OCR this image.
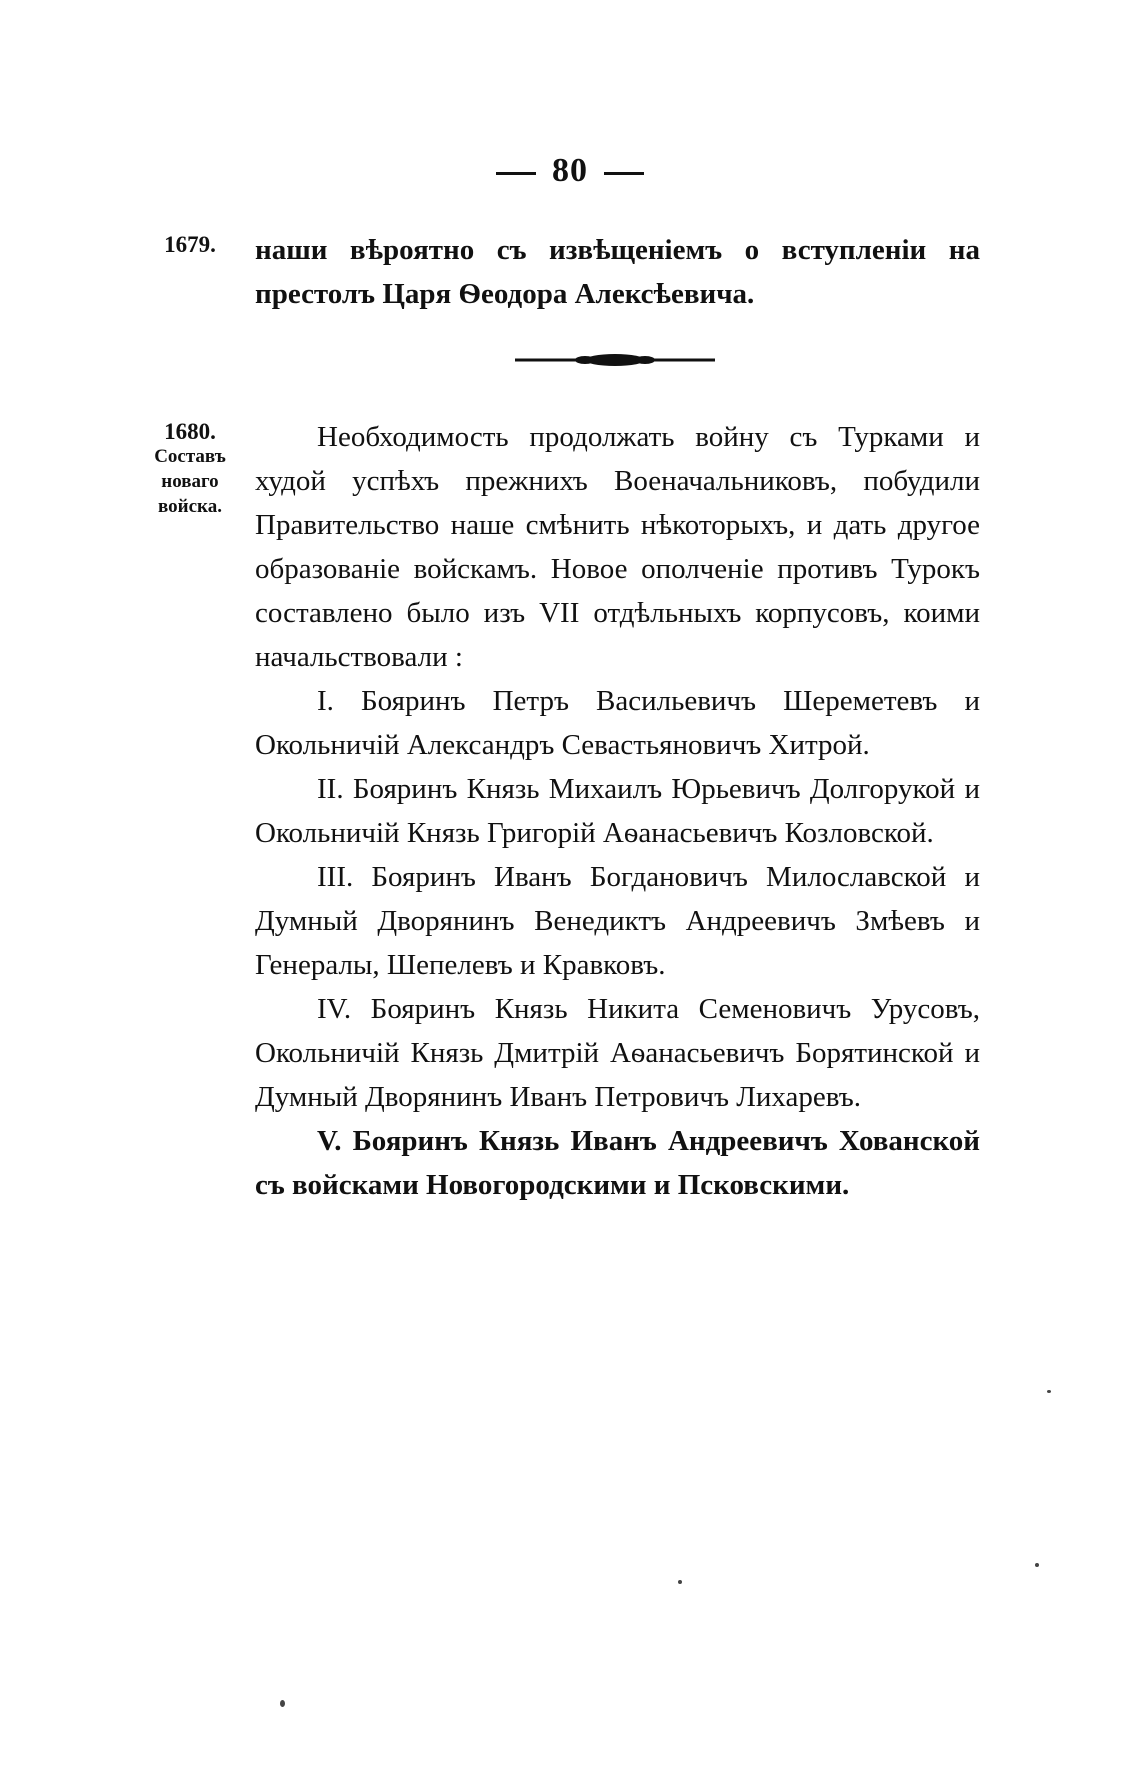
80
1679.	наши вѣроятно съ извѣщеніемъ о вступленіи на престолъ Царя Ѳеодора Алексѣевича.

1680.
Составъ
новаго
войска.

Необходимость продолжать войну съ Турками и худой успѣхъ прежнихъ Военачальниковъ, побудили Правительство наше смѣнить нѣкоторыхъ, и дать другое образованіе войскамъ. Новое ополченіе противъ Турокъ составлено было изъ VII отдѣльныхъ корпусовъ, коими начальствовали :

I. Бояринъ Петръ Васильевичъ Шереметевъ и Окольничій Александръ Севастьяновичъ Хитрой.

II. Бояринъ Князь Михаилъ Юрьевичъ Долгорукой и Окольничій Князь Григорій Аѳанасьевичъ Козловской.

III. Бояринъ Иванъ Богдановичъ Милославской и Думный Дворянинъ Венедиктъ Андреевичъ Змѣевъ и Генералы, Шепелевъ и Кравковъ.

IV. Бояринъ Князь Никита Семеновичъ Урусовъ, Окольничій Князь Дмитрій Аѳанасьевичъ Борятинской и Думный Дворянинъ Иванъ Петровичъ Лихаревъ.

V. Бояринъ Князь Иванъ Андреевичъ Хованской съ войсками Новогородскими и Псковскими.
